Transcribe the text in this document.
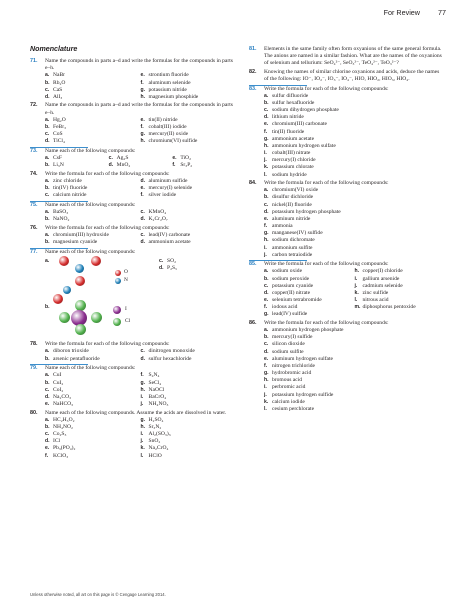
For Review	77
Nomenclature
71.	Name the compounds in parts a–d and write the formulas for the compounds in parts e–h.
a. NaBr	e. strontium fluoride
b. Rb₂O	f. aluminum selenide
c. CaS	g. potassium nitride
d. AlI₃	h. magnesium phosphide
72.	Name the compounds in parts a–d and write the formulas for the compounds in parts e–h.
a. Hg₂O	e. tin(II) nitride
b. FeBr₃	f. cobalt(III) iodide
c. CoS	g. mercury(II) oxide
d. TiCl₄	h. chromium(VI) sulfide
73.	Name each of the following compounds:
a. CsF	c. Ag₂S	e. TiO₂
b. Li₃N	d. MnO₂	f. Sr₃P₂
74.	Write the formula for each of the following compounds:
a. zinc chloride	d. aluminum sulfide
b. tin(IV) fluoride	e. mercury(I) selenide
c. calcium nitride	f. silver iodide
75.	Name each of the following compounds:
a. BaSO₃	c. KMnO₄
b. NaNO₂	d. K₂Cr₂O₇
76.	Write the formula for each of the following compounds:
a. chromium(III) hydroxide	c. lead(IV) carbonate
b. magnesium cyanide	d. ammonium acetate
77.	Name each of the following compounds:
a.
O
N
c. SO₂
d. P₂S₅
b.	I
Cl
78.	Write the formula for each of the following compounds:
a. diboron trioxide	c. dinitrogen monoxide
b. arsenic pentafluoride	d. sulfur hexachloride
79.	Name each of the following compounds:
a. CuI	f. S₄N₄
b. CuI₂	g. SeCl₄
c. CoI₂	h. NaOCl
d. Na₂CO₃	i. BaCrO₄
e. NaHCO₃	j. NH₄NO₃
80.	Name each of the following compounds. Assume the acids are dissolved in water.
a. HC₂H₃O₂	g. H₂SO₄
b. NH₄NO₂	h. Sr₃N₂
c. Co₂S₃	i. Al₂(SO₃)₃
d. ICl	j. SnO₂
e. Pb₃(PO₄)₂	k. Na₂CrO₄
f. KClO₃	l. HClO
81.	Elements in the same family often form oxyanions of the same general formula. The anions are named in a similar fashion. What are the names of the oxyanions of selenium and tellurium: SeO₄²⁻, SeO₃²⁻, TeO₄²⁻, TeO₃²⁻?
82.	Knowing the names of similar chlorine oxyanions and acids, deduce the names of the following: IO⁻, IO₂⁻, IO₃⁻, IO₄⁻, HIO, HIO₂, HIO₃, HIO₄.
83.	Write the formula for each of the following compounds:
a. sulfur difluoride
b. sulfur hexafluoride
c. sodium dihydrogen phosphate
d. lithium nitride
e. chromium(III) carbonate
f. tin(II) fluoride
g. ammonium acetate
h. ammonium hydrogen sulfate
i. cobalt(III) nitrate
j. mercury(I) chloride
k. potassium chlorate
l. sodium hydride
84.	Write the formula for each of the following compounds:
a. chromium(VI) oxide
b. disulfur dichloride
c. nickel(II) fluoride
d. potassium hydrogen phosphate
e. aluminum nitride
f. ammonia
g. manganese(IV) sulfide
h. sodium dichromate
i. ammonium sulfite
j. carbon tetraiodide
85.	Write the formula for each of the following compounds:
a. sodium oxide	h. copper(I) chloride
b. sodium peroxide	i. gallium arsenide
c. potassium cyanide	j. cadmium selenide
d. copper(II) nitrate	k. zinc sulfide
e. selenium tetrabromide	l. nitrous acid
f. iodous acid	m. diphosphorus pentoxide
g. lead(IV) sulfide
86.	Write the formula for each of the following compounds:
a. ammonium hydrogen phosphate
b. mercury(I) sulfide
c. silicon dioxide
d. sodium sulfite
e. aluminum hydrogen sulfate
f. nitrogen trichloride
g. hydrobromic acid
h. bromous acid
i. perbromic acid
j. potassium hydrogen sulfide
k. calcium iodide
l. cesium perchlorate
Unless otherwise noted, all art on this page is © Cengage Learning 2014.
